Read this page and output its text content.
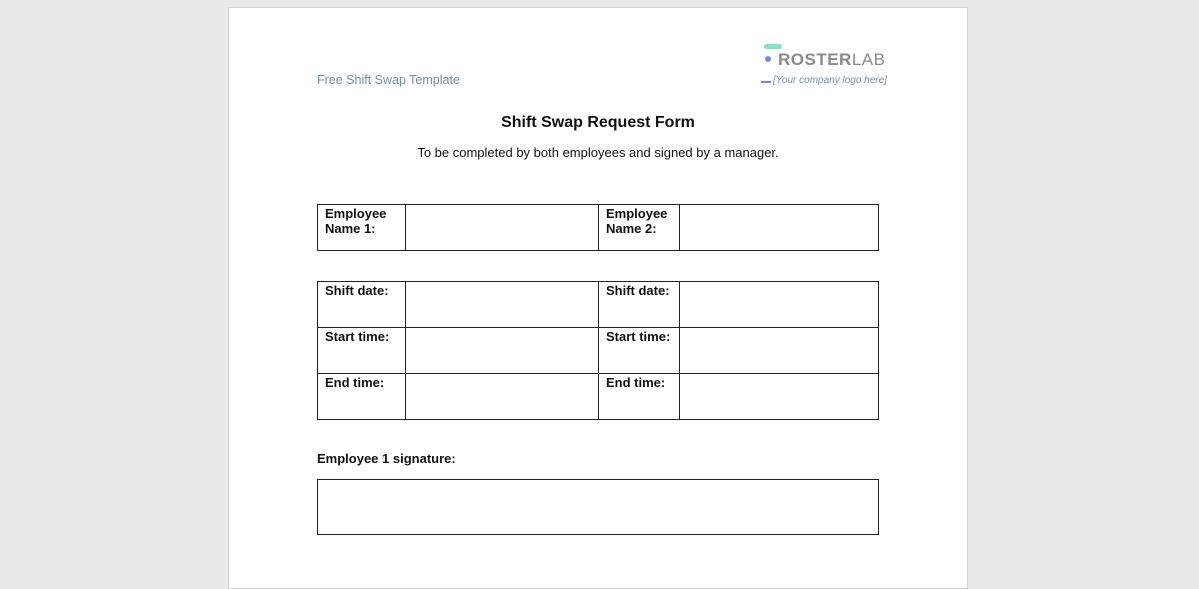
Free Shift Swap Template
ROSTERLAB
[Your company logo here]
Shift Swap Request Form
To be completed by both employees and signed by a manager.
Employee Name 1:		Employee Name 2:	
Shift date:		Shift date:	
Start time:		Start time:	
End time:		End time:	
Employee 1 signature:
